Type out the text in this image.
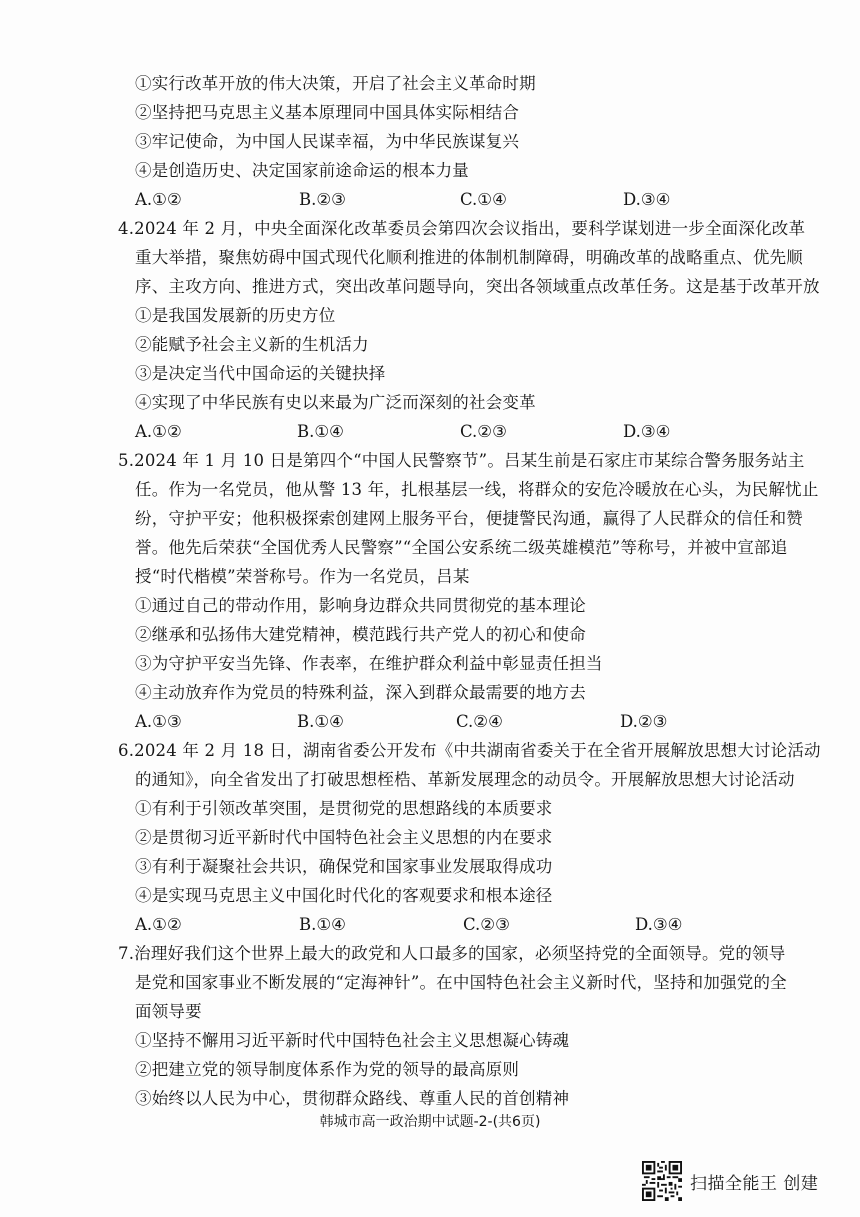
①实行改革开放的伟大决策，开启了社会主义革命时期
②坚持把马克思主义基本原理同中国具体实际相结合
③牢记使命，为中国人民谋幸福，为中华民族谋复兴
④是创造历史、决定国家前途命运的根本力量
A.①②	B.②③	C.①④	D.③④
4.2024 年 2 月，中央全面深化改革委员会第四次会议指出，要科学谋划进一步全面深化改革
重大举措，聚焦妨碍中国式现代化顺利推进的体制机制障碍，明确改革的战略重点、优先顺
序、主攻方向、推进方式，突出改革问题导向，突出各领域重点改革任务。这是基于改革开放
①是我国发展新的历史方位
②能赋予社会主义新的生机活力
③是决定当代中国命运的关键抉择
④实现了中华民族有史以来最为广泛而深刻的社会变革
A.①②	B.①④	C.②③	D.③④
5.2024 年 1 月 10 日是第四个“中国人民警察节”。吕某生前是石家庄市某综合警务服务站主
任。作为一名党员，他从警 13 年，扎根基层一线，将群众的安危冷暖放在心头，为民解忧止
纷，守护平安；他积极探索创建网上服务平台，便捷警民沟通，赢得了人民群众的信任和赞
誉。他先后荣获“全国优秀人民警察”“全国公安系统二级英雄模范”等称号，并被中宣部追
授“时代楷模”荣誉称号。作为一名党员，吕某
①通过自己的带动作用，影响身边群众共同贯彻党的基本理论
②继承和弘扬伟大建党精神，模范践行共产党人的初心和使命
③为守护平安当先锋、作表率，在维护群众利益中彰显责任担当
④主动放弃作为党员的特殊利益，深入到群众最需要的地方去
A.①③	B.①④	C.②④	D.②③
6.2024 年 2 月 18 日，湖南省委公开发布《中共湖南省委关于在全省开展解放思想大讨论活动
的通知》，向全省发出了打破思想桎梏、革新发展理念的动员令。开展解放思想大讨论活动
①有利于引领改革突围，是贯彻党的思想路线的本质要求
②是贯彻习近平新时代中国特色社会主义思想的内在要求
③有利于凝聚社会共识，确保党和国家事业发展取得成功
④是实现马克思主义中国化时代化的客观要求和根本途径
A.①②	B.①④	C.②③	D.③④
7.治理好我们这个世界上最大的政党和人口最多的国家，必须坚持党的全面领导。党的领导
是党和国家事业不断发展的“定海神针”。在中国特色社会主义新时代，坚持和加强党的全
面领导要
①坚持不懈用习近平新时代中国特色社会主义思想凝心铸魂
②把建立党的领导制度体系作为党的领导的最高原则
③始终以人民为中心，贯彻群众路线、尊重人民的首创精神
韩城市高一政治期中试题-2-(共6页)
扫描全能王 创建
